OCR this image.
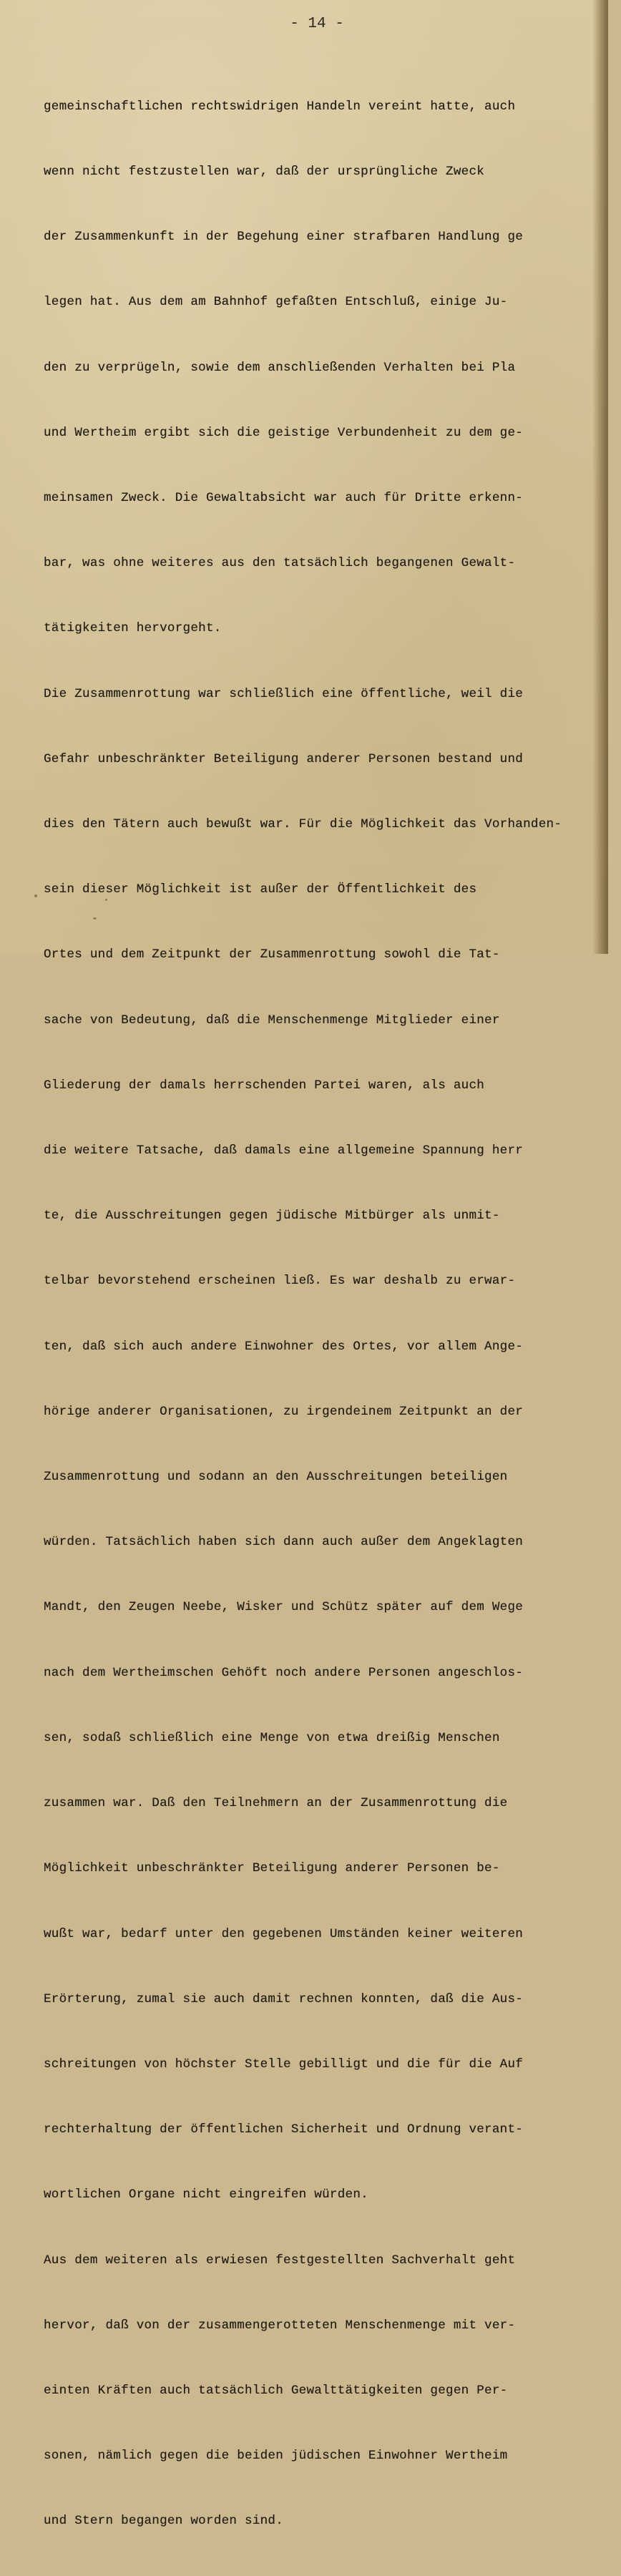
- 14 -

gemeinschaftlichen rechtswidrigen Handeln vereint hatte, auch

wenn nicht festzustellen war, daß der ursprüngliche Zweck

der Zusammenkunft in der Begehung einer strafbaren Handlung ge

legen hat. Aus dem am Bahnhof gefaßten Entschluß, einige Ju-

den zu verprügeln, sowie dem anschließenden Verhalten bei Pla

und Wertheim ergibt sich die geistige Verbundenheit zu dem ge-

meinsamen Zweck. Die Gewaltabsicht war auch für Dritte erkenn-

bar, was ohne weiteres aus den tatsächlich begangenen Gewalt-

tätigkeiten hervorgeht.

Die Zusammenrottung war schließlich eine öffentliche, weil die

Gefahr unbeschränkter Beteiligung anderer Personen bestand und

dies den Tätern auch bewußt war. Für die Möglichkeit das Vorhanden-

sein dieser Möglichkeit ist außer der Öffentlichkeit des

Ortes und dem Zeitpunkt der Zusammenrottung sowohl die Tat-

sache von Bedeutung, daß die Menschenmenge Mitglieder einer

Gliederung der damals herrschenden Partei waren, als auch

die weitere Tatsache, daß damals eine allgemeine Spannung herr

te, die Ausschreitungen gegen jüdische Mitbürger als unmit-

telbar bevorstehend erscheinen ließ. Es war deshalb zu erwar-

ten, daß sich auch andere Einwohner des Ortes, vor allem Ange-

hörige anderer Organisationen, zu irgendeinem Zeitpunkt an der

Zusammenrottung und sodann an den Ausschreitungen beteiligen

würden. Tatsächlich haben sich dann auch außer dem Angeklagten

Mandt, den Zeugen Neebe, Wisker und Schütz später auf dem Wege

nach dem Wertheimschen Gehöft noch andere Personen angeschlos-

sen, sodaß schließlich eine Menge von etwa dreißig Menschen

zusammen war. Daß den Teilnehmern an der Zusammenrottung die

Möglichkeit unbeschränkter Beteiligung anderer Personen be-

wußt war, bedarf unter den gegebenen Umständen keiner weiteren

Erörterung, zumal sie auch damit rechnen konnten, daß die Aus-

schreitungen von höchster Stelle gebilligt und die für die Auf

rechterhaltung der öffentlichen Sicherheit und Ordnung verant-

wortlichen Organe nicht eingreifen würden.

Aus dem weiteren als erwiesen festgestellten Sachverhalt geht

hervor, daß von der zusammengerotteten Menschenmenge mit ver-

einten Kräften auch tatsächlich Gewalttätigkeiten gegen Per-

sonen, nämlich gegen die beiden jüdischen Einwohner Wertheim

und Stern begangen worden sind.
